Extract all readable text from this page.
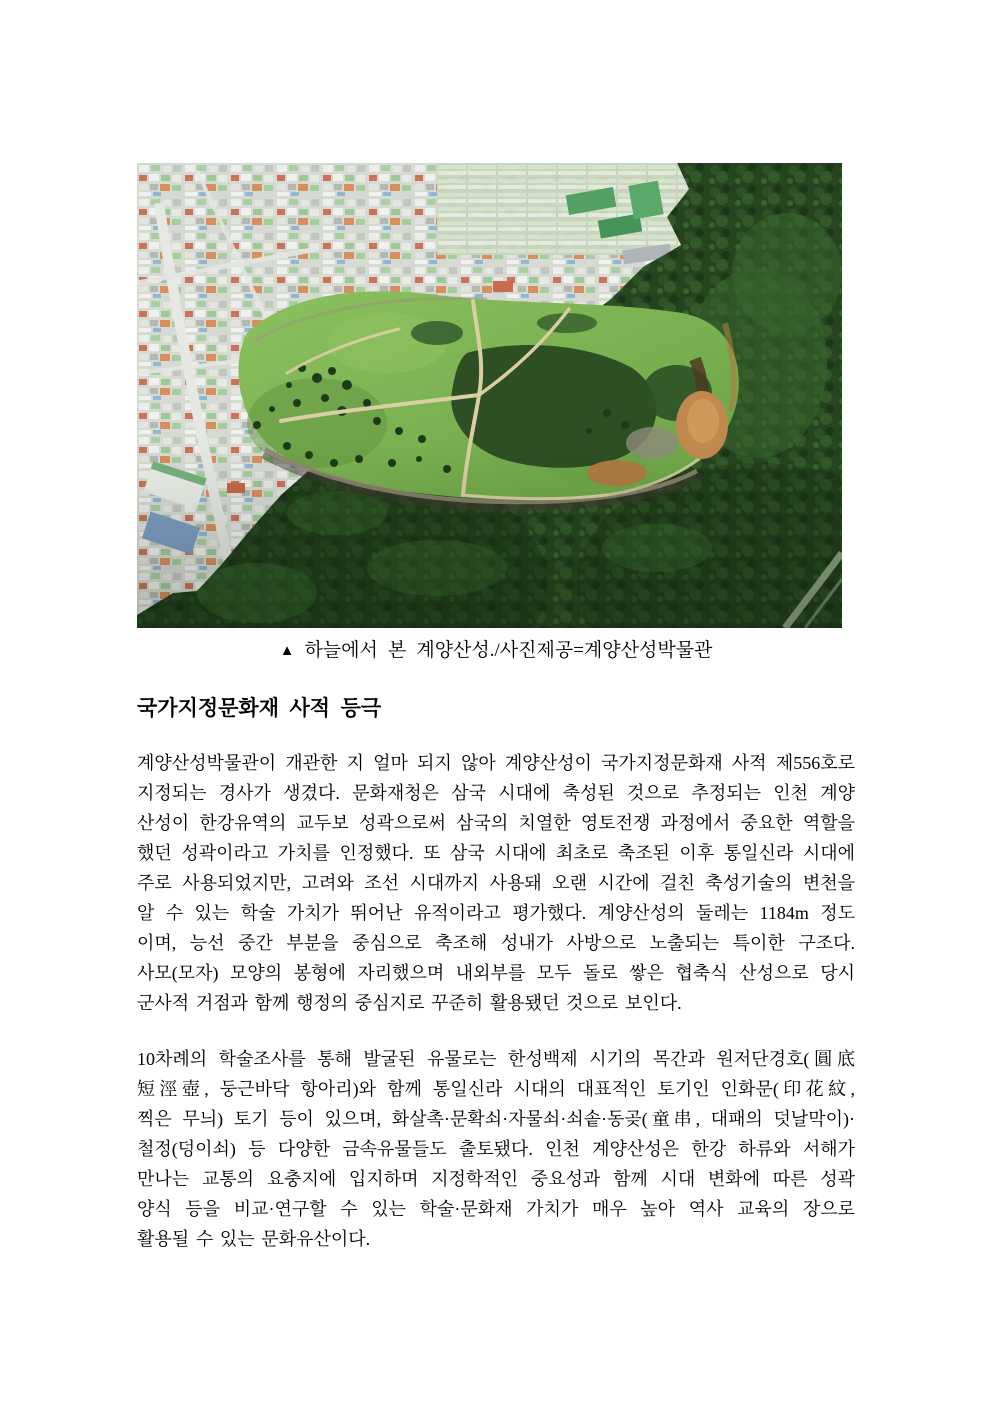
▲ 하늘에서 본 계양산성./사진제공=계양산성박물관
국가지정문화재 사적 등극
계양산성박물관이 개관한 지 얼마 되지 않아 계양산성이 국가지정문화재 사적 제556호로
지정되는 경사가 생겼다. 문화재청은 삼국 시대에 축성된 것으로 추정되는 인천 계양
산성이 한강유역의 교두보 성곽으로써 삼국의 치열한 영토전쟁 과정에서 중요한 역할을
했던 성곽이라고 가치를 인정했다. 또 삼국 시대에 최초로 축조된 이후 통일신라 시대에
주로 사용되었지만, 고려와 조선 시대까지 사용돼 오랜 시간에 걸친 축성기술의 변천을
알 수 있는 학술 가치가 뛰어난 유적이라고 평가했다. 계양산성의 둘레는 1184m 정도
이며, 능선 중간 부분을 중심으로 축조해 성내가 사방으로 노출되는 특이한 구조다.
사모(모자) 모양의 봉형에 자리했으며 내외부를 모두 돌로 쌓은 협축식 산성으로 당시
군사적 거점과 함께 행정의 중심지로 꾸준히 활용됐던 것으로 보인다.
10차례의 학술조사를 통해 발굴된 유물로는 한성백제 시기의 목간과 원저단경호(圓底
短涇壺, 둥근바닥 항아리)와 함께 통일신라 시대의 대표적인 토기인 인화문(印花紋,
찍은 무늬) 토기 등이 있으며, 화살촉·문확쇠·자물쇠·쇠솥·동곶(童串, 대패의 덧날막이)·
철정(덩이쇠) 등 다양한 금속유물들도 출토됐다. 인천 계양산성은 한강 하류와 서해가
만나는 교통의 요충지에 입지하며 지정학적인 중요성과 함께 시대 변화에 따른 성곽
양식 등을 비교·연구할 수 있는 학술·문화재 가치가 매우 높아 역사 교육의 장으로
활용될 수 있는 문화유산이다.
